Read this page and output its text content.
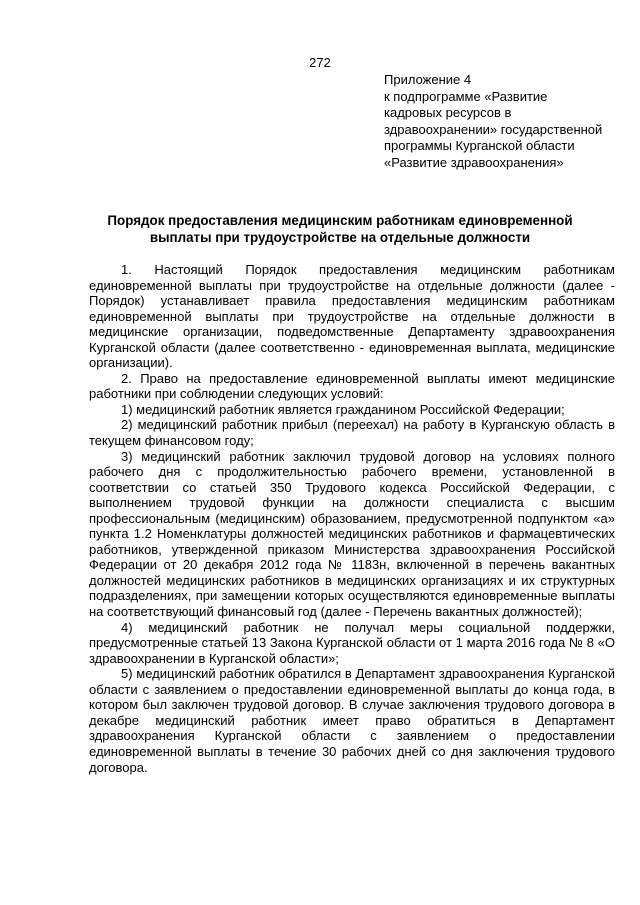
272
Приложение 4
к подпрограмме «Развитие
кадровых ресурсов в
здравоохранении» государственной
программы Курганской области
«Развитие здравоохранения»
Порядок предоставления медицинским работникам единовременной
выплаты при трудоустройстве на отдельные должности

1. Настоящий Порядок предоставления медицинским работникам единовременной выплаты при трудоустройстве на отдельные должности (далее - Порядок) устанавливает правила предоставления медицинским работникам единовременной выплаты при трудоустройстве на отдельные должности в медицинские организации, подведомственные Департаменту здравоохранения Курганской области (далее соответственно - единовременная выплата, медицинские организации).

2. Право на предоставление единовременной выплаты имеют медицинские работники при соблюдении следующих условий:

1) медицинский работник является гражданином Российской Федерации;

2) медицинский работник прибыл (переехал) на работу в Курганскую область в текущем финансовом году;

3) медицинский работник заключил трудовой договор на условиях полного рабочего дня с продолжительностью рабочего времени, установленной в соответствии со статьей 350 Трудового кодекса Российской Федерации, с выполнением трудовой функции на должности специалиста с высшим профессиональным (медицинским) образованием, предусмотренной подпунктом «а» пункта 1.2 Номенклатуры должностей медицинских работников и фармацевтических работников, утвержденной приказом Министерства здравоохранения Российской Федерации от 20 декабря 2012 года № 1183н, включенной в перечень вакантных должностей медицинских работников в медицинских организациях и их структурных подразделениях, при замещении которых осуществляются единовременные выплаты на соответствующий финансовый год (далее - Перечень вакантных должностей);

4) медицинский работник не получал меры социальной поддержки, предусмотренные статьей 13 Закона Курганской области от 1 марта 2016 года № 8 «О здравоохранении в Курганской области»;

5) медицинский работник обратился в Департамент здравоохранения Курганской области с заявлением о предоставлении единовременной выплаты до конца года, в котором был заключен трудовой договор. В случае заключения трудового договора в декабре медицинский работник имеет право обратиться в Департамент здравоохранения Курганской области с заявлением о предоставлении единовременной выплаты в течение 30 рабочих дней со дня заключения трудового договора.
